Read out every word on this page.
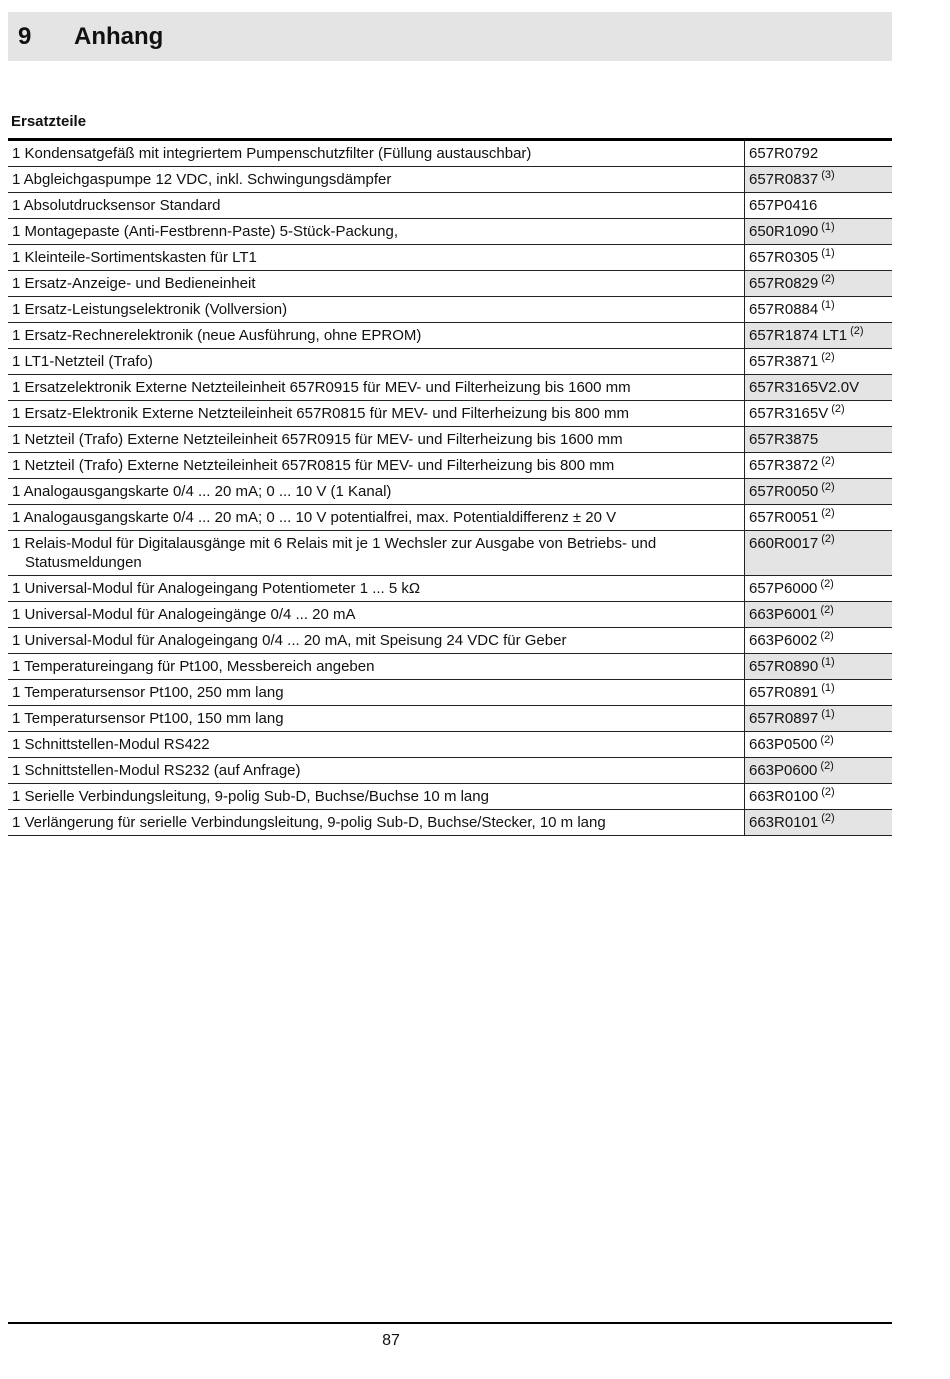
9 Anhang
Ersatzteile
1 Kondensatgefäß mit integriertem Pumpenschutzfilter (Füllung austauschbar)	657R0792

1 Abgleichgaspumpe 12 VDC, inkl. Schwingungsdämpfer	657R0837 $^{(3)}$

1 Absolutdrucksensor Standard	657P0416

1 Montagepaste (Anti-Festbrenn-Paste) 5-Stück-Packung,	650R1090 $^{(1)}$

1 Kleinteile-Sortimentskasten für LT1	657R0305 $^{(1)}$

1 Ersatz-Anzeige- und Bedieneinheit	657R0829 $^{(2)}$

1 Ersatz-Leistungselektronik (Vollversion)	657R0884 $^{(1)}$

1 Ersatz-Rechnerelektronik (neue Ausführung, ohne EPROM)	657R1874 LT1 $^{(2)}$

1 LT1-Netzteil (Trafo)	657R3871 $^{(2)}$

1 Ersatzelektronik Externe Netzteileinheit 657R0915 für MEV- und Filterheizung bis 1600 mm	657R3165V2.0V

1 Ersatz-Elektronik Externe Netzteileinheit 657R0815 für MEV- und Filterheizung bis 800 mm	657R3165V $^{(2)}$

1 Netzteil (Trafo) Externe Netzteileinheit 657R0915 für MEV- und Filterheizung bis 1600 mm	657R3875

1 Netzteil (Trafo) Externe Netzteileinheit 657R0815 für MEV- und Filterheizung bis 800 mm	657R3872 $^{(2)}$

1 Analogausgangskarte 0/4 ... 20 mA; 0 ... 10 V (1 Kanal)	657R0050 $^{(2)}$

1 Analogausgangskarte 0/4 ... 20 mA; 0 ... 10 V potentialfrei, max. Potentialdifferenz ± 20 V	657R0051 $^{(2)}$

1 Relais-Modul für Digitalausgänge mit 6 Relais mit je 1 Wechsler zur Ausgabe von Betriebs- und Statusmeldungen	660R0017 $^{(2)}$

1 Universal-Modul für Analogeingang Potentiometer 1 ... 5 kΩ	657P6000 $^{(2)}$

1 Universal-Modul für Analogeingänge 0/4 ... 20 mA	663P6001 $^{(2)}$

1 Universal-Modul für Analogeingang 0/4 ... 20 mA, mit Speisung 24 VDC für Geber	663P6002 $^{(2)}$

1 Temperatureingang für Pt100, Messbereich angeben	657R0890 $^{(1)}$

1 Temperatursensor Pt100, 250 mm lang	657R0891 $^{(1)}$

1 Temperatursensor Pt100, 150 mm lang	657R0897 $^{(1)}$

1 Schnittstellen-Modul RS422	663P0500 $^{(2)}$

1 Schnittstellen-Modul RS232 (auf Anfrage)	663P0600 $^{(2)}$

1 Serielle Verbindungsleitung, 9-polig Sub-D, Buchse/Buchse 10 m lang	663R0100 $^{(2)}$

1 Verlängerung für serielle Verbindungsleitung, 9-polig Sub-D, Buchse/Stecker, 10 m lang	663R0101 $^{(2)}$
87
